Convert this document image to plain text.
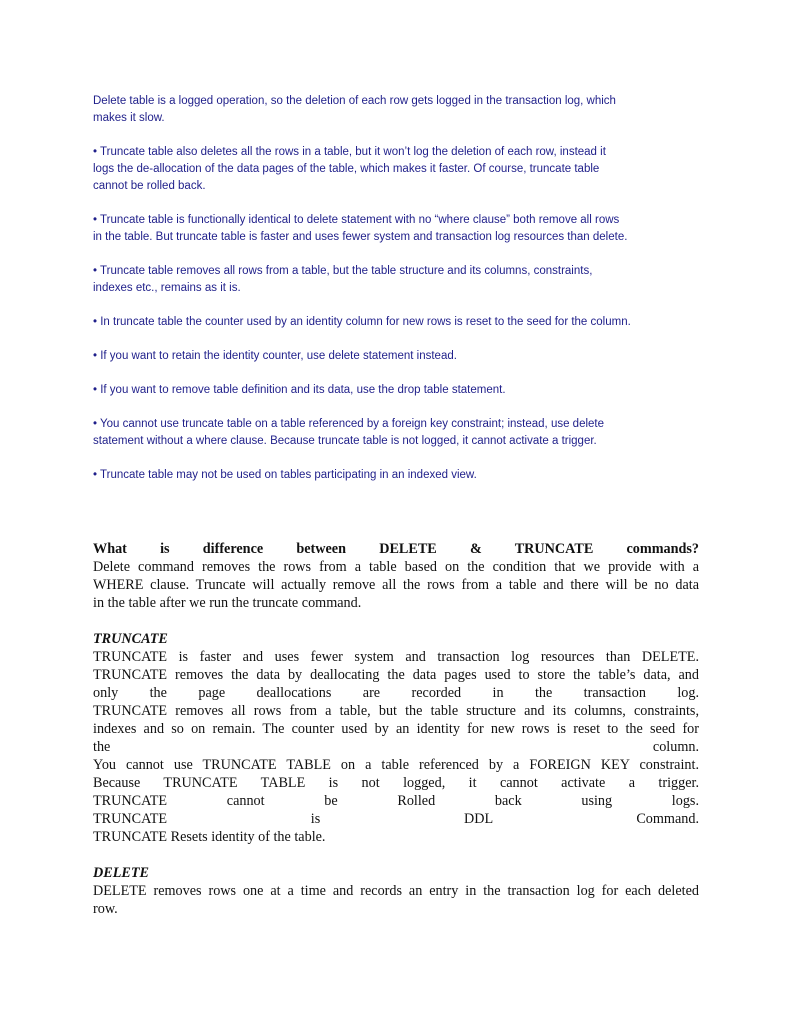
Delete table is a logged operation, so the deletion of each row gets logged in the transaction log, which
makes it slow.

• Truncate table also deletes all the rows in a table, but it won’t log the deletion of each row, instead it
logs the de-allocation of the data pages of the table, which makes it faster. Of course, truncate table
cannot be rolled back.

• Truncate table is functionally identical to delete statement with no “where clause” both remove all rows
in the table. But truncate table is faster and uses fewer system and transaction log resources than delete.

• Truncate table removes all rows from a table, but the table structure and its columns, constraints,
indexes etc., remains as it is.

• In truncate table the counter used by an identity column for new rows is reset to the seed for the column.

• If you want to retain the identity counter, use delete statement instead.

• If you want to remove table definition and its data, use the drop table statement.

• You cannot use truncate table on a table referenced by a foreign key constraint; instead, use delete
statement without a where clause. Because truncate table is not logged, it cannot activate a trigger.

• Truncate table may not be used on tables participating in an indexed view.

What is difference between DELETE & TRUNCATE commands?
Delete command removes the rows from a table based on the condition that we provide with a
WHERE clause. Truncate will actually remove all the rows from a table and there will be no data
in the table after we run the truncate command.
TRUNCATE
TRUNCATE is faster and uses fewer system and transaction log resources than DELETE.
TRUNCATE removes the data by deallocating the data pages used to store the table’s data, and
only the page deallocations are recorded in the transaction log.
TRUNCATE removes all rows from a table, but the table structure and its columns, constraints,
indexes and so on remain. The counter used by an identity for new rows is reset to the seed for
the column.
You cannot use TRUNCATE TABLE on a table referenced by a FOREIGN KEY constraint.
Because TRUNCATE TABLE is not logged, it cannot activate a trigger.
TRUNCATE cannot be Rolled back using logs.
TRUNCATE is DDL Command.
TRUNCATE Resets identity of the table.
DELETE
DELETE removes rows one at a time and records an entry in the transaction log for each deleted
row.
